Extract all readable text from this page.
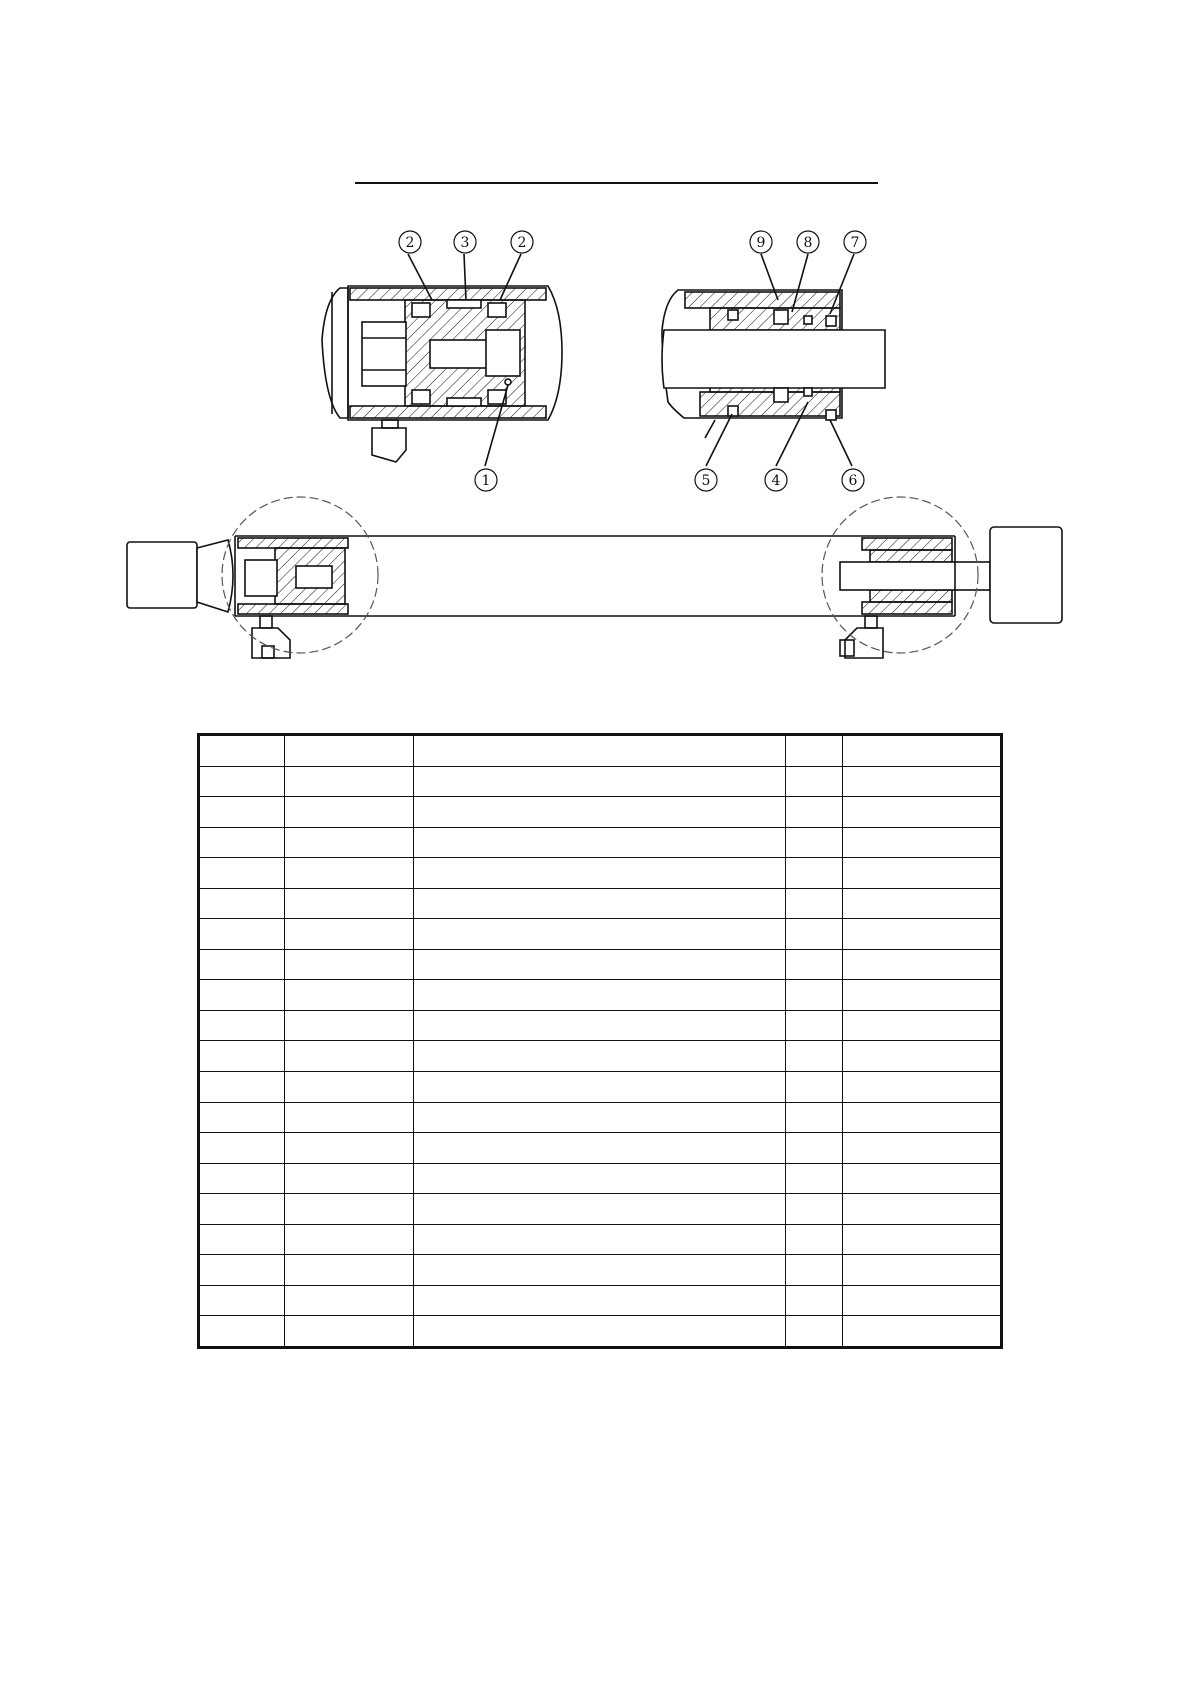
2	3	2
1
9	8	7
5	4	6
